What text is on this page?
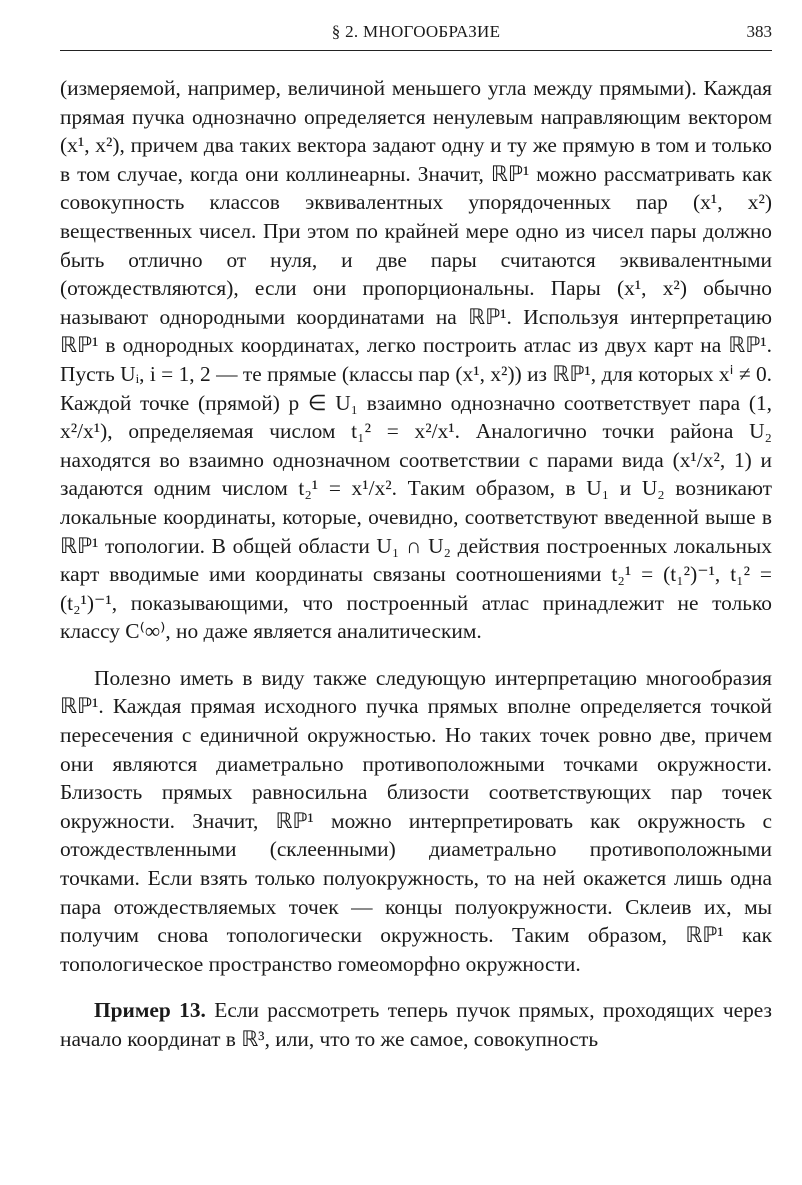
§ 2. МНОГООБРАЗИЕ	383

(измеряемой, например, величиной меньшего угла между прямыми). Каждая прямая пучка однозначно определяется ненулевым направляющим вектором (x¹, x²), причем два таких вектора задают одну и ту же прямую в том и только в том случае, когда они коллинеарны. Значит, ℝℙ¹ можно рассматривать как совокупность классов эквивалентных упорядоченных пар (x¹, x²) вещественных чисел. При этом по крайней мере одно из чисел пары должно быть отлично от нуля, и две пары считаются эквивалентными (отождествляются), если они пропорциональны. Пары (x¹, x²) обычно называют однородными координатами на ℝℙ¹. Используя интерпретацию ℝℙ¹ в однородных координатах, легко построить атлас из двух карт на ℝℙ¹. Пусть Uᵢ, i = 1, 2 — те прямые (классы пар (x¹, x²)) из ℝℙ¹, для которых xⁱ ≠ 0. Каждой точке (прямой) p ∈ U₁ взаимно однозначно соответствует пара (1, x²/x¹), определяемая числом t₁² = x²/x¹. Аналогично точки района U₂ находятся во взаимно однозначном соответствии с парами вида (x¹/x², 1) и задаются одним числом t₂¹ = x¹/x². Таким образом, в U₁ и U₂ возникают локальные координаты, которые, очевидно, соответствуют введенной выше в ℝℙ¹ топологии. В общей области U₁ ∩ U₂ действия построенных локальных карт вводимые ими координаты связаны соотношениями t₂¹ = (t₁²)⁻¹, t₁² = (t₂¹)⁻¹, показывающими, что построенный атлас принадлежит не только классу C⁽∞⁾, но даже является аналитическим.

Полезно иметь в виду также следующую интерпретацию многообразия ℝℙ¹. Каждая прямая исходного пучка прямых вполне определяется точкой пересечения с единичной окружностью. Но таких точек ровно две, причем они являются диаметрально противоположными точками окружности. Близость прямых равносильна близости соответствующих пар точек окружности. Значит, ℝℙ¹ можно интерпретировать как окружность с отождествленными (склеенными) диаметрально противоположными точками. Если взять только полуокружность, то на ней окажется лишь одна пара отождествляемых точек — концы полуокружности. Склеив их, мы получим снова топологически окружность. Таким образом, ℝℙ¹ как топологическое пространство гомеоморфно окружности.

Пример 13. Если рассмотреть теперь пучок прямых, проходящих через начало координат в ℝ³, или, что то же самое, совокупность
